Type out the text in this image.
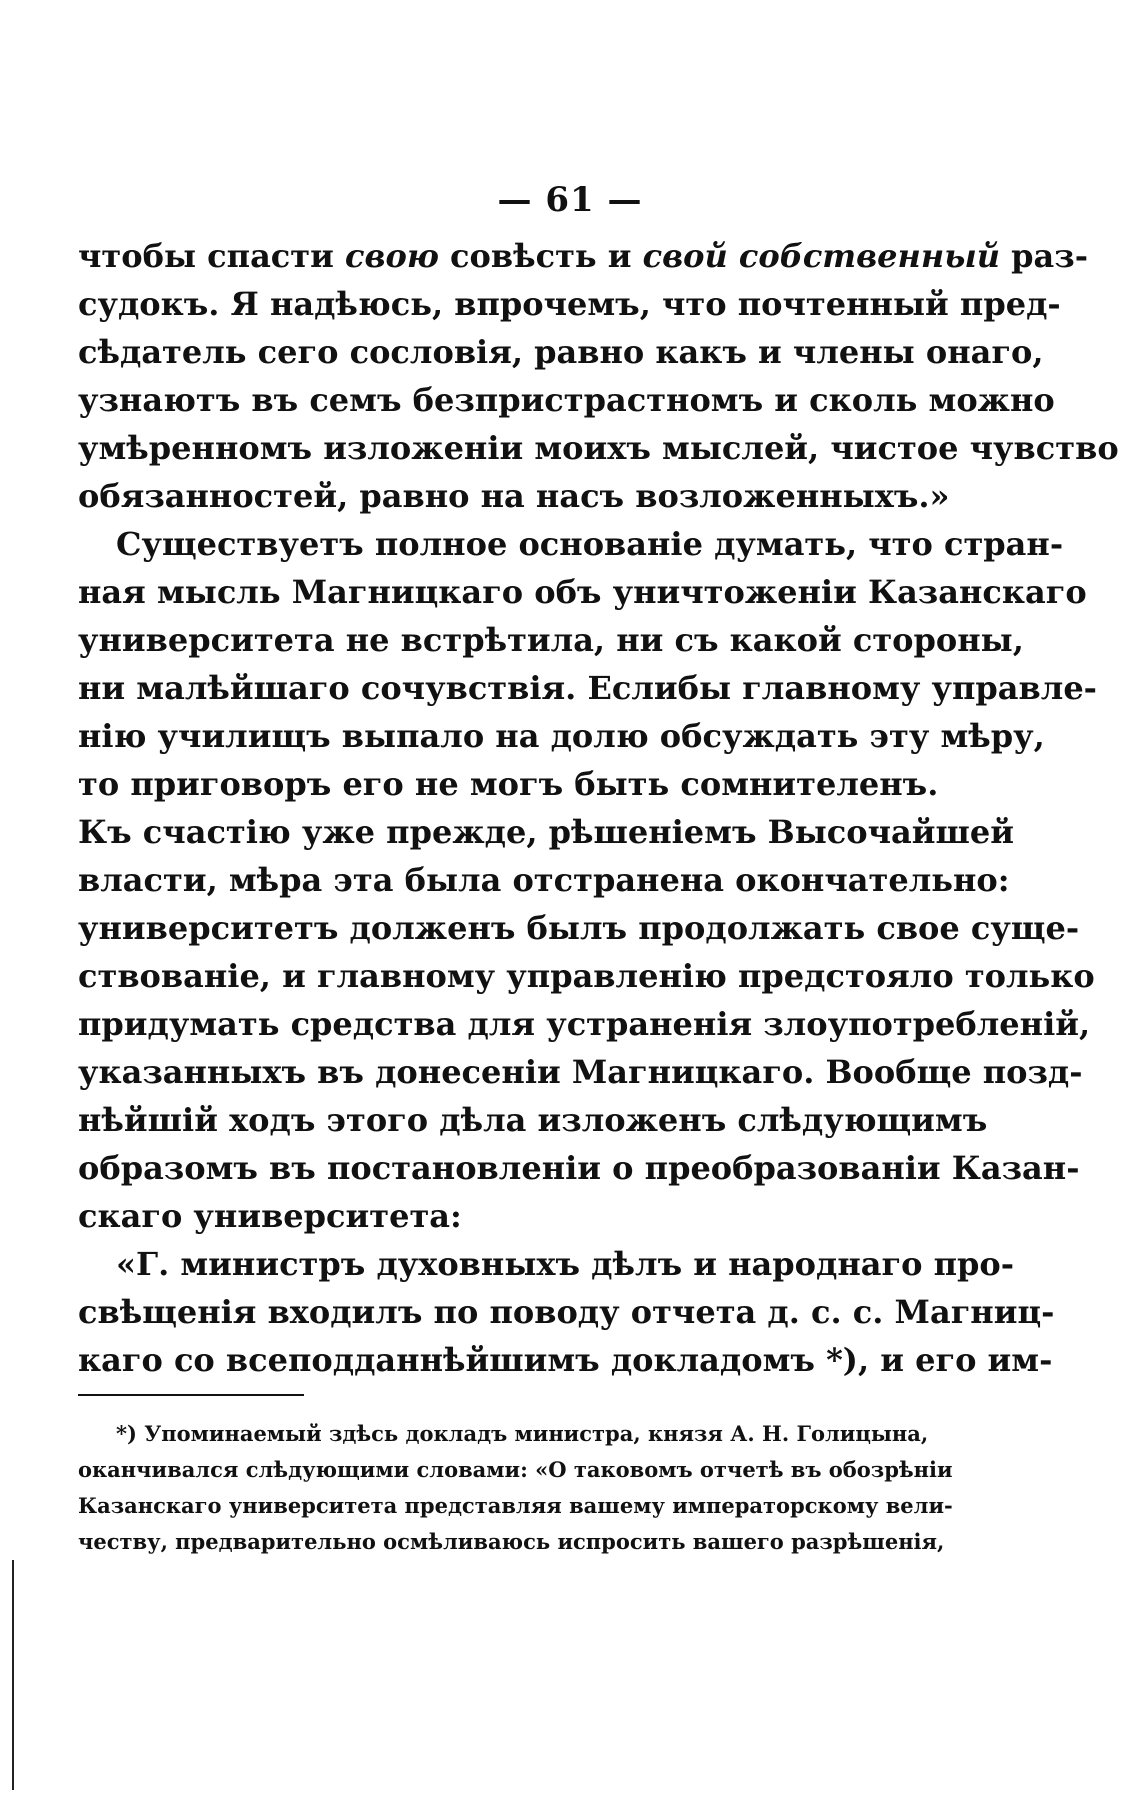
— 61 —
чтобы спасти свою совѣсть и свой собственный раз-
судокъ. Я надѣюсь, впрочемъ, что почтенный пред-
сѣдатель сего сословія, равно какъ и члены онаго,
узнаютъ въ семъ безпристрастномъ и сколь можно
умѣренномъ изложеніи моихъ мыслей, чистое чувство
обязанностей, равно на насъ возложенныхъ.»
Существуетъ полное основаніе думать, что стран-
ная мысль Магницкаго объ уничтоженіи Казанскаго
университета не встрѣтила, ни съ какой стороны,
ни малѣйшаго сочувствія. Еслибы главному управле-
нію училищъ выпало на долю обсуждать эту мѣру,
то приговоръ его не могъ быть сомнителенъ.
Къ счастію уже прежде, рѣшеніемъ Высочайшей
власти, мѣра эта была отстранена окончательно:
университетъ долженъ былъ продолжать свое суще-
ствованіе, и главному управленію предстояло только
придумать средства для устраненія злоупотребленій,
указанныхъ въ донесеніи Магницкаго. Вообще позд-
нѣйшій ходъ этого дѣла изложенъ слѣдующимъ
образомъ въ постановленіи о преобразованіи Казан-
скаго университета:
«Г. министръ духовныхъ дѣлъ и народнаго про-
свѣщенія входилъ по поводу отчета д. с. с. Магниц-
каго со всеподданнѣйшимъ докладомъ *), и его им-
*) Упоминаемый здѣсь докладъ министра, князя А. Н. Голицына,
оканчивался слѣдующими словами: «О таковомъ отчетѣ въ обозрѣніи
Казанскаго университета представляя вашему императорскому вели-
честву, предварительно осмѣливаюсь испросить вашего разрѣшенія,
